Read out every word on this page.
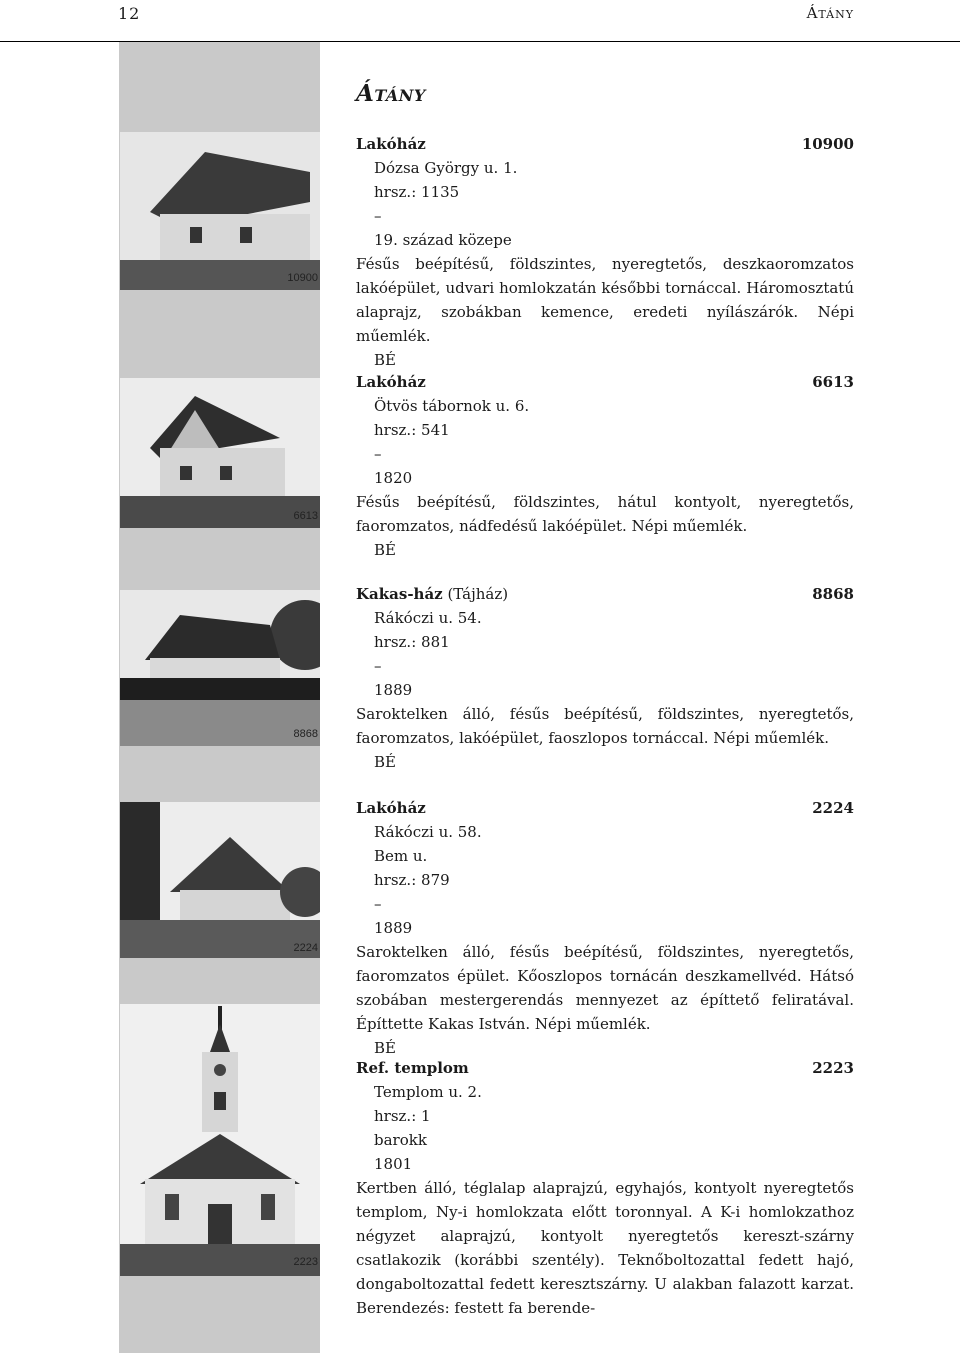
12	Átány
10900
6613
8868
2224
2223
Átány
Lakóház	10900
Dózsa György u. 1.
hrsz.: 1135
–
19. század közepe
Fésűs beépítésű, földszintes, nyeregtetős, deszkaoromzatos lakóépület, udvari homlokzatán későbbi tornáccal. Háromosztatú alaprajz, szobákban kemence, eredeti nyílászárók. Népi műemlék.
BÉ
Lakóház	6613
Ötvös tábornok u. 6.
hrsz.: 541
–
1820
Fésűs beépítésű, földszintes, hátul kontyolt, nyeregtetős, faoromzatos, nádfedésű lakóépület. Népi műemlék.
BÉ
Kakas-ház (Tájház)	8868
Rákóczi u. 54.
hrsz.: 881
–
1889
Saroktelken álló, fésűs beépítésű, földszintes, nyeregtetős, faoromzatos, lakóépület, faoszlopos tornáccal. Népi műemlék.
BÉ
Lakóház	2224
Rákóczi u. 58.
Bem u.
hrsz.: 879
–
1889
Saroktelken álló, fésűs beépítésű, földszintes, nyeregtetős, faoromzatos épület. Kőoszlopos tornácán deszkamellvéd. Hátsó szobában mestergerendás mennyezet az építtető feliratával. Építtette Kakas István. Népi műemlék.
BÉ
Ref. templom	2223
Templom u. 2.
hrsz.: 1
barokk
1801
Kertben álló, téglalap alaprajzú, egyhajós, kontyolt nyeregtetős templom, Ny-i homlokzata előtt toronnyal. A K-i homlokzathoz négyzet alaprajzú, kontyolt nyeregtetős kereszt-szárny csatlakozik (korábbi szentély). Teknőboltozattal fedett hajó, dongaboltozattal fedett keresztszárny. U alakban falazott karzat. Berendezés: festett fa berende-
